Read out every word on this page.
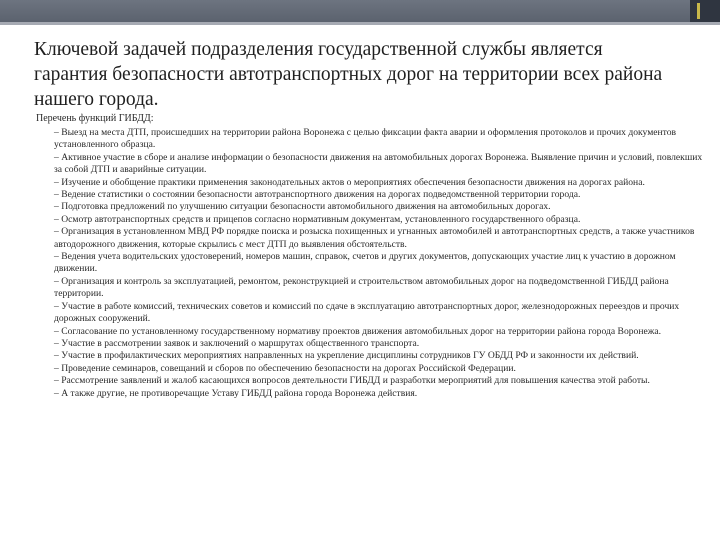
Ключевой задачей подразделения государственной службы является гарантия безопасности автотранспортных дорог на территории всех района нашего города.
Перечень функций ГИБДД:
– Выезд на места ДТП, происшедших на территории района Воронежа с целью фиксации факта аварии и оформления протоколов и прочих документов установленного образца.
– Активное участие в сборе и анализе информации о безопасности движения на автомобильных дорогах Воронежа. Выявление причин и условий, повлекших за собой ДТП и аварийные ситуации.
– Изучение и обобщение практики применения законодательных актов о мероприятиях обеспечения безопасности движения на дорогах района.
– Ведение статистики о состоянии безопасности автотранспортного движения на дорогах подведомственной территории города.
– Подготовка предложений по улучшению ситуации безопасности автомобильного движения на автомобильных дорогах.
– Осмотр автотранспортных средств и прицепов согласно нормативным документам, установленного государственного образца.
– Организация в установленном МВД РФ порядке поиска и розыска похищенных и угнанных автомобилей и автотранспортных средств, а также участников автодорожного движения, которые скрылись с мест ДТП до выявления обстоятельств.
– Ведения учета водительских удостоверений, номеров машин, справок, счетов и других документов, допускающих участие лиц к участию в дорожном движении.
– Организация и контроль за эксплуатацией, ремонтом, реконструкцией и строительством автомобильных дорог на подведомственной ГИБДД района территории.
– Участие в работе комиссий, технических советов и комиссий по сдаче в эксплуатацию автотранспортных дорог, железнодорожных переездов и прочих дорожных сооружений.
– Согласование по установленному государственному нормативу проектов движения автомобильных дорог на территории района города Воронежа.
– Участие в рассмотрении заявок и заключений о маршрутах общественного транспорта.
– Участие в профилактических мероприятиях направленных на укрепление дисциплины сотрудников ГУ ОБДД РФ и законности их действий.
– Проведение семинаров, совещаний и сборов по обеспечению безопасности на дорогах Российской Федерации.
– Рассмотрение заявлений и жалоб касающихся вопросов деятельности ГИБДД и разработки мероприятий для повышения качества этой работы.
– А также другие, не противоречащие Уставу ГИБДД района города Воронежа действия.
